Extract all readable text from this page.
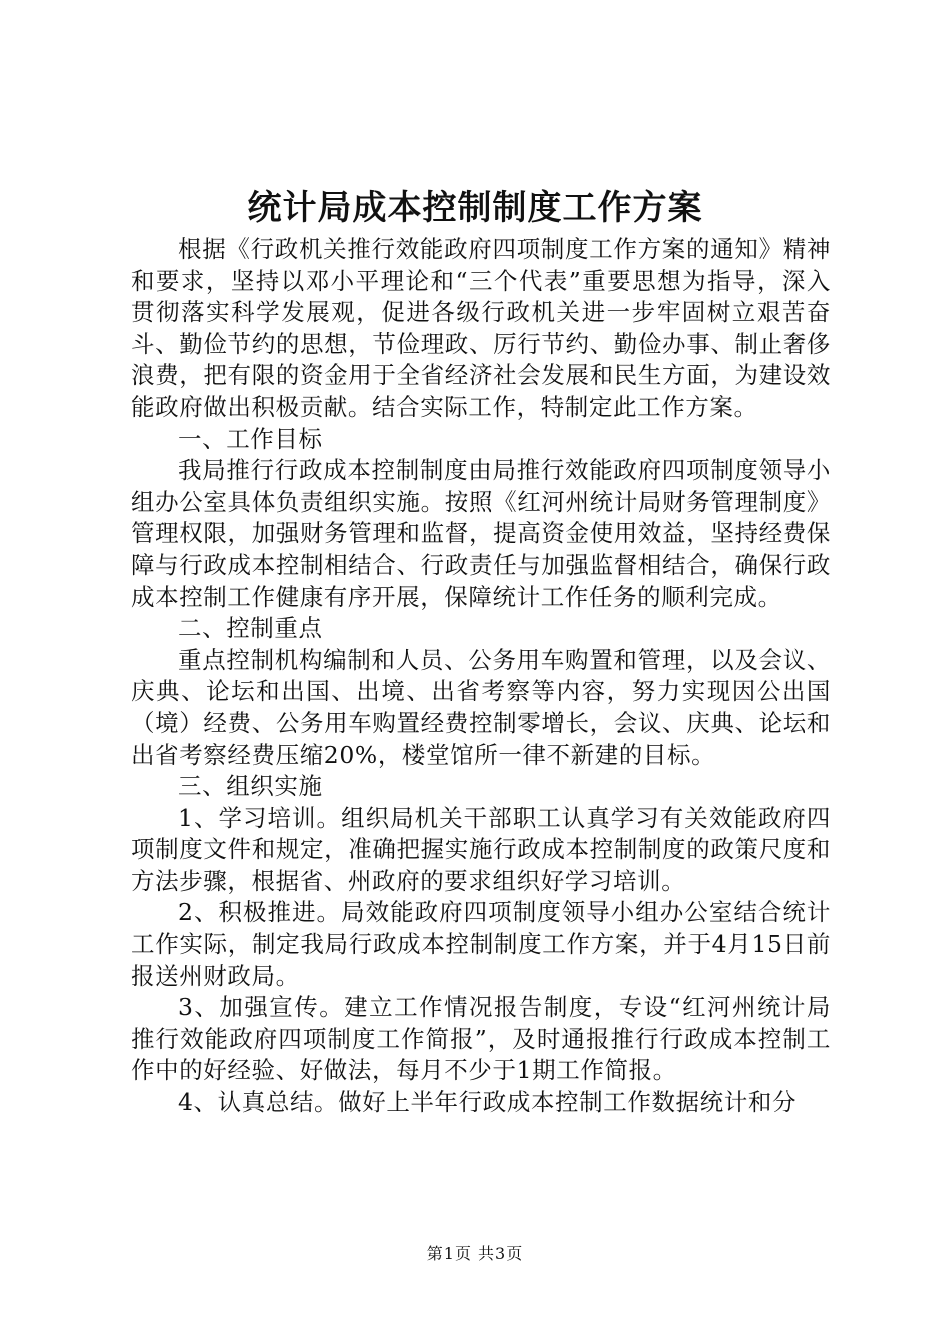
统计局成本控制制度工作方案

根据《行政机关推行效能政府四项制度工作方案的通知》精神和要求，坚持以邓小平理论和“三个代表”重要思想为指导，深入贯彻落实科学发展观，促进各级行政机关进一步牢固树立艰苦奋斗、勤俭节约的思想，节俭理政、厉行节约、勤俭办事、制止奢侈浪费，把有限的资金用于全省经济社会发展和民生方面，为建设效能政府做出积极贡献。结合实际工作，特制定此工作方案。

一、工作目标

我局推行行政成本控制制度由局推行效能政府四项制度领导小组办公室具体负责组织实施。按照《红河州统计局财务管理制度》管理权限，加强财务管理和监督，提高资金使用效益，坚持经费保障与行政成本控制相结合、行政责任与加强监督相结合，确保行政成本控制工作健康有序开展，保障统计工作任务的顺利完成。

二、控制重点

重点控制机构编制和人员、公务用车购置和管理，以及会议、庆典、论坛和出国、出境、出省考察等内容，努力实现因公出国（境）经费、公务用车购置经费控制零增长，会议、庆典、论坛和出省考察经费压缩20%，楼堂馆所一律不新建的目标。

三、组织实施

1、学习培训。组织局机关干部职工认真学习有关效能政府四项制度文件和规定，准确把握实施行政成本控制制度的政策尺度和方法步骤，根据省、州政府的要求组织好学习培训。

2、积极推进。局效能政府四项制度领导小组办公室结合统计工作实际，制定我局行政成本控制制度工作方案，并于4月15日前报送州财政局。

3、加强宣传。建立工作情况报告制度，专设“红河州统计局推行效能政府四项制度工作简报”，及时通报推行行政成本控制工作中的好经验、好做法，每月不少于1期工作简报。

4、认真总结。做好上半年行政成本控制工作数据统计和分

第1页 共3页
